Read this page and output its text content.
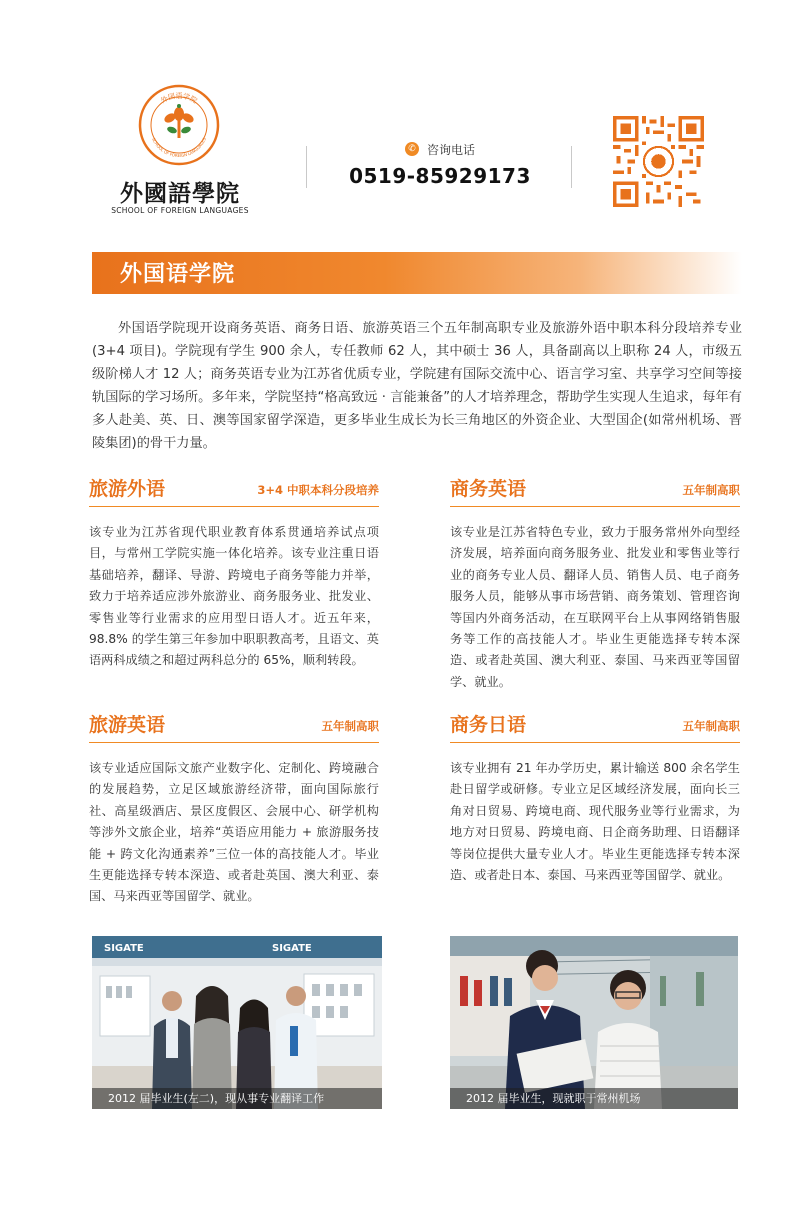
外国语学院
SCHOOL OF FOREIGN LANGUAGES
外國語學院
SCHOOL OF FOREIGN LANGUAGES
✆ 咨询电话
0519-85929173
外国语学院

外国语学院现开设商务英语、商务日语、旅游英语三个五年制高职专业及旅游外语中职本科分段培养专业(3+4 项目)。学院现有学生 900 余人，专任教师 62 人，其中硕士 36 人，具备副高以上职称 24 人，市级五级阶梯人才 12 人；商务英语专业为江苏省优质专业，学院建有国际交流中心、语言学习室、共享学习空间等接轨国际的学习场所。多年来，学院坚持“格高致远 · 言能兼备”的人才培养理念，帮助学生实现人生追求，每年有多人赴美、英、日、澳等国家留学深造，更多毕业生成长为长三角地区的外资企业、大型国企(如常州机场、晋陵集团)的骨干力量。

旅游外语	3+4 中职本科分段培养
该专业为江苏省现代职业教育体系贯通培养试点项目，与常州工学院实施一体化培养。该专业注重日语基础培养，翻译、导游、跨境电子商务等能力并举，致力于培养适应涉外旅游业、商务服务业、批发业、零售业等行业需求的应用型日语人才。近五年来，98.8% 的学生第三年参加中职职教高考，且语文、英语两科成绩之和超过两科总分的 65%，顺利转段。
商务英语	五年制高职
该专业是江苏省特色专业，致力于服务常州外向型经济发展，培养面向商务服务业、批发业和零售业等行业的商务专业人员、翻译人员、销售人员、电子商务服务人员，能够从事市场营销、商务策划、管理咨询等国内外商务活动，在互联网平台上从事网络销售服务等工作的高技能人才。毕业生更能选择专转本深造、或者赴英国、澳大利亚、泰国、马来西亚等国留学、就业。
旅游英语	五年制高职
该专业适应国际文旅产业数字化、定制化、跨境融合的发展趋势，立足区域旅游经济带，面向国际旅行社、高星级酒店、景区度假区、会展中心、研学机构等涉外文旅企业，培养“英语应用能力 + 旅游服务技能 + 跨文化沟通素养”三位一体的高技能人才。毕业生更能选择专转本深造、或者赴英国、澳大利亚、泰国、马来西亚等国留学、就业。
商务日语	五年制高职
该专业拥有 21 年办学历史，累计输送 800 余名学生赴日留学或研修。专业立足区域经济发展，面向长三角对日贸易、跨境电商、现代服务业等行业需求，为地方对日贸易、跨境电商、日企商务助理、日语翻译等岗位提供大量专业人才。毕业生更能选择专转本深造、或者赴日本、泰国、马来西亚等国留学、就业。
SIGATE	SIGATE
2012 届毕业生(左二)，现从事专业翻译工作	2012 届毕业生，现就职于常州机场
